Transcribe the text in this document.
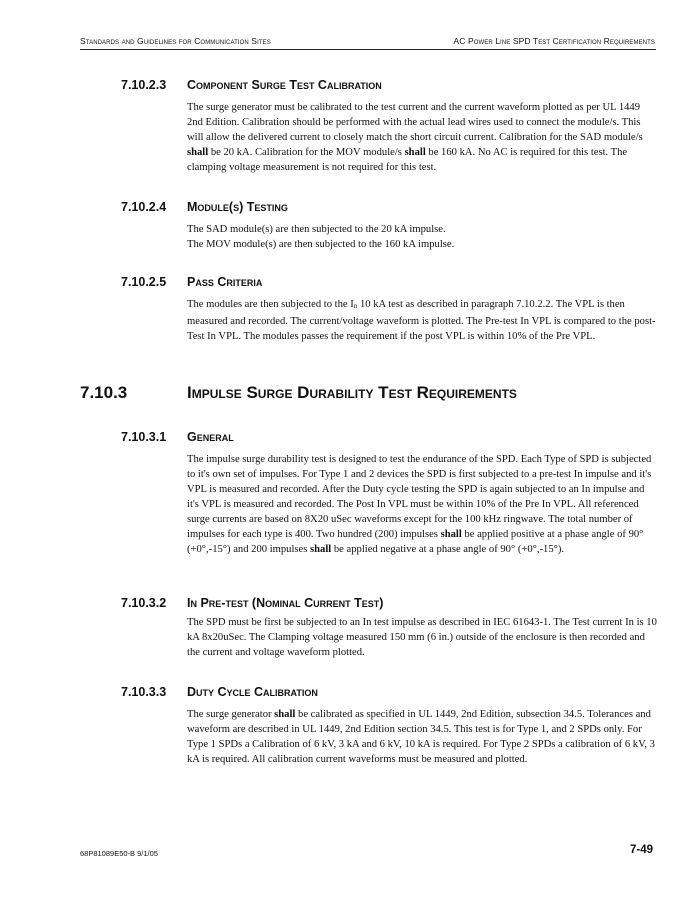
Standards and Guidelines for Communication Sites	AC Power Line SPD Test Certification Requirements
7.10.2.3 Component Surge Test Calibration

The surge generator must be calibrated to the test current and the current waveform plotted as per UL 1449 2nd Edition. Calibration should be performed with the actual lead wires used to connect the module/s. This will allow the delivered current to closely match the short circuit current. Calibration for the SAD module/s shall be 20 kA. Calibration for the MOV module/s shall be 160 kA. No AC is required for this test. The clamping voltage measurement is not required for this test.

7.10.2.4 Module(s) Testing

The SAD module(s) are then subjected to the 20 kA impulse.

The MOV module(s) are then subjected to the 160 kA impulse.

7.10.2.5 Pass Criteria

The modules are then subjected to the $I_n$ 10 kA test as described in paragraph 7.10.2.2. The VPL is then measured and recorded. The current/voltage waveform is plotted. The Pre-test In VPL is compared to the post-Test In VPL. The modules passes the requirement if the post VPL is within 10% of the Pre VPL.

7.10.3	Impulse Surge Durability Test Requirements
7.10.3.1 General

The impulse surge durability test is designed to test the endurance of the SPD. Each Type of SPD is subjected to it's own set of impulses. For Type 1 and 2 devices the SPD is first subjected to a pre-test In impulse and it's VPL is measured and recorded. After the Duty cycle testing the SPD is again subjected to an In impulse and it's VPL is measured and recorded. The Post In VPL must be within 10% of the Pre In VPL. All referenced surge currents are based on 8X20 uSec waveforms except for the 100 kHz ringwave. The total number of impulses for each type is 400. Two hundred (200) impulses shall be applied positive at a phase angle of 90° (+0°,-15°) and 200 impulses shall be applied negative at a phase angle of 90° (+0°,-15°).

7.10.3.2 In Pre-test (Nominal Current Test)

The SPD must be first be subjected to an In test impulse as described in IEC 61643-1. The Test current In is 10 kA 8x20uSec. The Clamping voltage measured 150 mm (6 in.) outside of the enclosure is then recorded and the current and voltage waveform plotted.

7.10.3.3 Duty Cycle Calibration

The surge generator shall be calibrated as specified in UL 1449, 2nd Edition, subsection 34.5. Tolerances and waveform are described in UL 1449, 2nd Edition section 34.5. This test is for Type 1, and 2 SPDs only. For Type 1 SPDs a Calibration of 6 kV, 3 kA and 6 kV, 10 kA is required. For Type 2 SPDs a calibration of 6 kV, 3 kA is required. All calibration current waveforms must be measured and plotted.

68P81089E50-B 9/1/05	7-49
